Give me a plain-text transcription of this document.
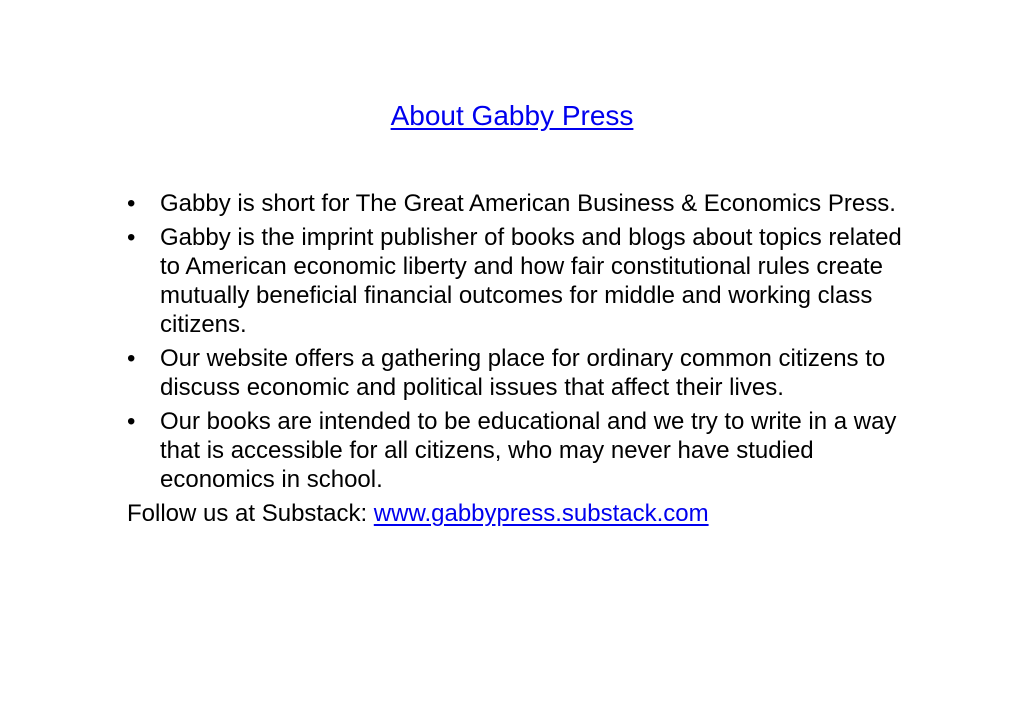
About Gabby Press
•	Gabby is short for The Great American Business & Economics Press.
•	Gabby is the imprint publisher of books and blogs about topics related to American economic liberty and how fair constitutional rules create mutually beneficial financial outcomes for middle and working class citizens.
•	Our website offers a gathering place for ordinary common citizens to discuss economic and political issues that affect their lives.
•	Our books are intended to be educational and we try to write in a way that is accessible for all citizens, who may never have studied economics in school.
Follow us at Substack: www.gabbypress.substack.com
